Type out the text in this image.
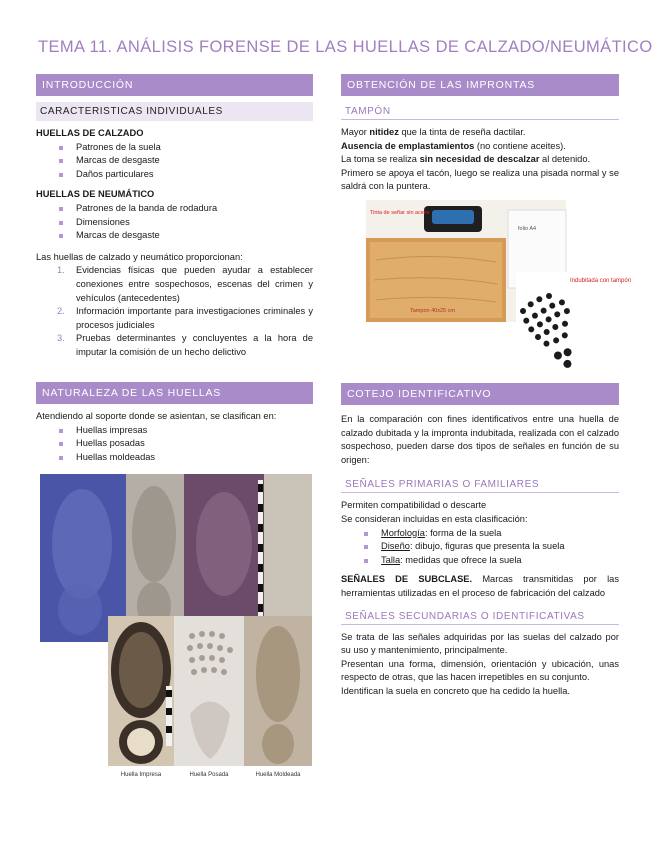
TEMA 11. ANÁLISIS FORENSE DE LAS HUELLAS DE CALZADO/NEUMÁTICO
INTRODUCCIÓN
CARACTERISTICAS INDIVIDUALES
HUELLAS DE CALZADO
Patrones de la suela
Marcas de desgaste
Daños particulares
HUELLAS DE NEUMÁTICO
Patrones de la banda de rodadura
Dimensiones
Marcas de desgaste
Las huellas de calzado y neumático proporcionan:
1. Evidencias físicas que pueden ayudar a establecer conexiones entre sospechosos, escenas del crimen y vehículos (antecedentes)
2. Información importante para investigaciones criminales y procesos judiciales
3. Pruebas determinantes y concluyentes a la hora de imputar la comisión de un hecho delictivo
NATURALEZA DE LAS HUELLAS
Atendiendo al soporte donde se asientan, se clasifican en:
Huellas impresas
Huellas posadas
Huellas moldeadas
Huella Impresa	Huella Posada	Huella Moldeada
OBTENCIÓN DE LAS IMPRONTAS INDUBITADAS
TAMPÓN
Mayor nitidez que la tinta de reseña dactilar.
Ausencia de emplastamientos (no contiene aceites).
La toma se realiza sin necesidad de descalzar al detenido.
Primero se apoya el tacón, luego se realiza una pisada normal y se saldrá con la puntera.
folio A4
Tinta de señar sin aceite
Tampon 40x25 cm
Indubitada con tampón
COTEJO IDENTIFICATIVO
En la comparación con fines identificativos entre una huella de calzado dubitada y la impronta indubitada, realizada con el calzado sospechoso, pueden darse dos tipos de señales en función de su origen:
SEÑALES PRIMARIAS O FAMILIARES
Permiten compatibilidad o descarte
Se consideran incluidas en esta clasificación:
Morfología: forma de la suela
Diseño: dibujo, figuras que presenta la suela
Talla: medidas que ofrece la suela
SEÑALES DE SUBCLASE. Marcas transmitidas por las herramientas utilizadas en el proceso de fabricación del calzado
SEÑALES SECUNDARIAS O IDENTIFICATIVAS
Se trata de las señales adquiridas por las suelas del calzado por su uso y mantenimiento, principalmente.
Presentan una forma, dimensión, orientación y ubicación, unas respecto de otras, que las hacen irrepetibles en su conjunto.
Identifican la suela en concreto que ha cedido la huella.
